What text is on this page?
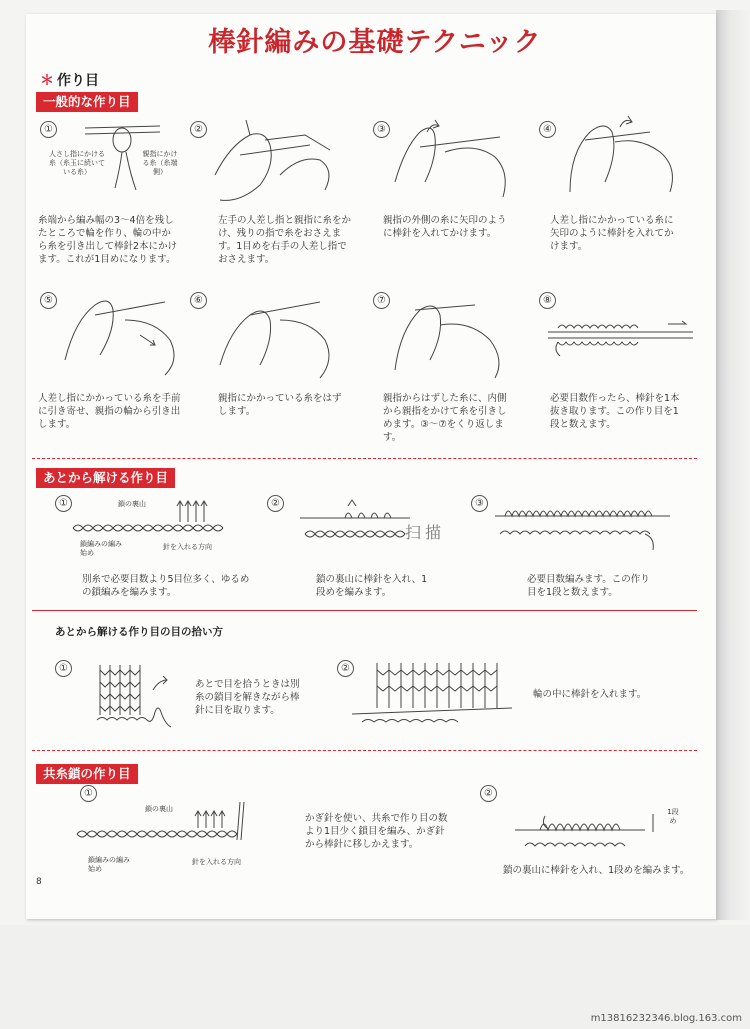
棒針編みの基礎テクニック
＊ 作り目
一般的な作り目
①	②	③	④
人さし指にかける糸（糸玉に続いている糸）
親指にかける糸（糸端側）
糸端から編み幅の3〜4倍を残したところで輪を作り、輪の中から糸を引き出して棒針2本にかけます。これが1目めになります。
左手の人差し指と親指に糸をかけ、残りの指で糸をおさえます。1目めを右手の人差し指でおさえます。
親指の外側の糸に矢印のように棒針を入れてかけます。
人差し指にかかっている糸に矢印のように棒針を入れてかけます。
⑤	⑥	⑦	⑧
人差し指にかかっている糸を手前に引き寄せ、親指の輪から引き出します。
親指にかかっている糸をはずします。
親指からはずした糸に、内側から親指をかけて糸を引きしめます。③〜⑦をくり返します。
必要目数作ったら、棒針を1本抜き取ります。この作り目を1段と数えます。
あとから解ける作り目
①	②	③
鎖の裏山
鎖編みの編み始め
針を入れる方向
扫描
別糸で必要目数より5目位多く、ゆるめの鎖編みを編みます。
鎖の裏山に棒針を入れ、1段めを編みます。
必要目数編みます。この作り目を1段と数えます。
あとから解ける作り目の目の拾い方
①	②
あとで目を拾うときは別糸の鎖目を解きながら棒針に目を取ります。
輪の中に棒針を入れます。
共糸鎖の作り目
①	②
鎖の裏山
鎖編みの編み始め
針を入れる方向
かぎ針を使い、共糸で作り目の数より1目少く鎖目を編み、かぎ針から棒針に移しかえます。
1段め
鎖の裏山に棒針を入れ、1段めを編みます。
8
m13816232346.blog.163.com
